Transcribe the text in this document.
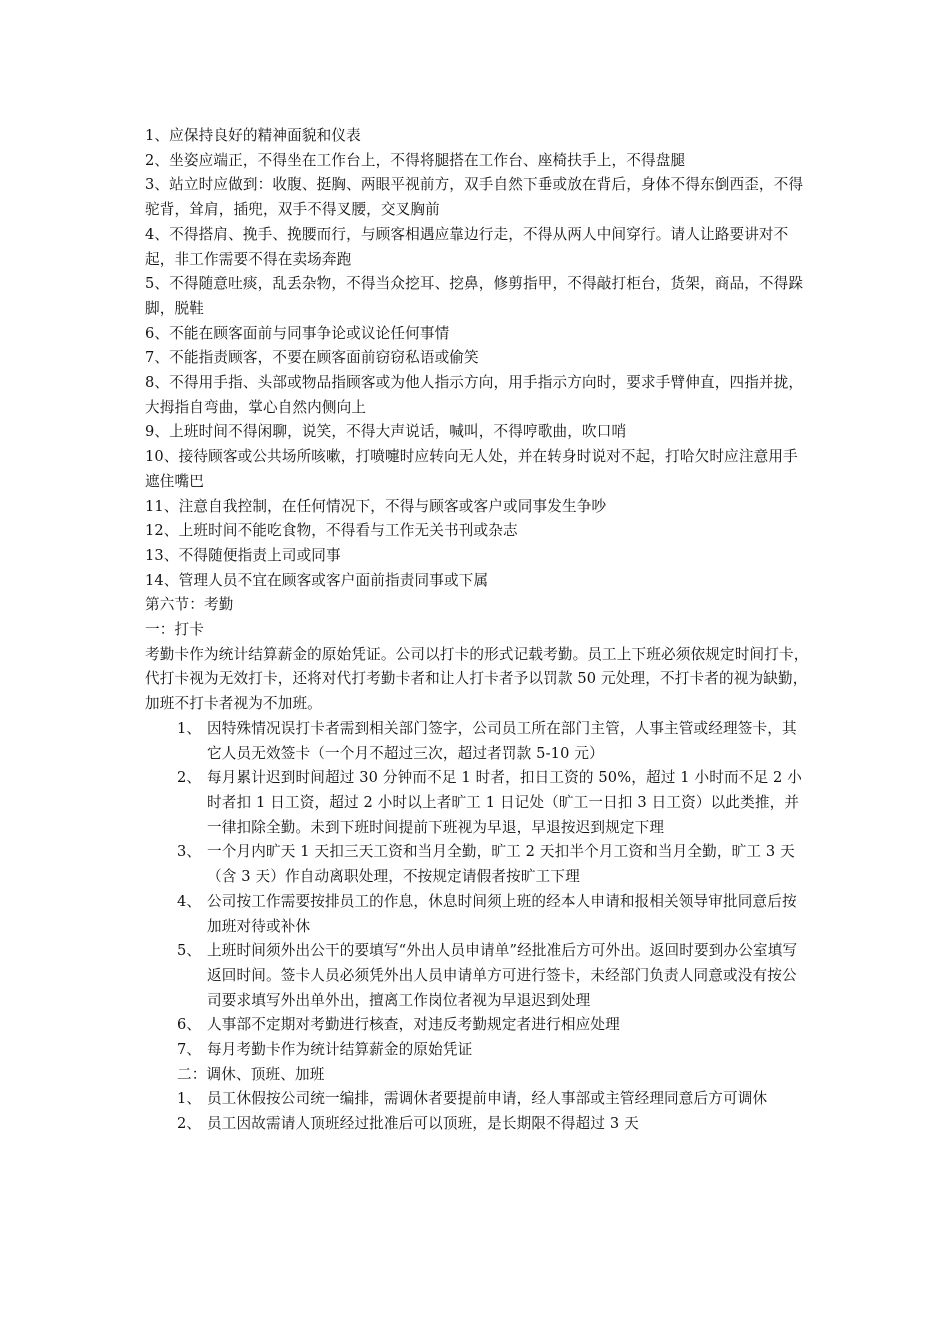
1、应保持良好的精神面貌和仪表

2、坐姿应端正，不得坐在工作台上，不得将腿搭在工作台、座椅扶手上，不得盘腿

3、站立时应做到：收腹、挺胸、两眼平视前方，双手自然下垂或放在背后，身体不得东倒西歪，不得驼背，耸肩，插兜，双手不得叉腰，交叉胸前

4、不得搭肩、挽手、挽腰而行，与顾客相遇应靠边行走，不得从两人中间穿行。请人让路要讲对不起，非工作需要不得在卖场奔跑

5、不得随意吐痰，乱丢杂物，不得当众挖耳、挖鼻，修剪指甲，不得敲打柜台，货架，商品，不得跺脚，脱鞋

6、不能在顾客面前与同事争论或议论任何事情

7、不能指责顾客，不要在顾客面前窃窃私语或偷笑

8、不得用手指、头部或物品指顾客或为他人指示方向，用手指示方向时，要求手臂伸直，四指并拢，大拇指自弯曲，掌心自然内侧向上

9、上班时间不得闲聊，说笑，不得大声说话，喊叫，不得哼歌曲，吹口哨

10、接待顾客或公共场所咳嗽，打喷嚏时应转向无人处，并在转身时说对不起，打哈欠时应注意用手遮住嘴巴

11、注意自我控制，在任何情况下，不得与顾客或客户或同事发生争吵

12、上班时间不能吃食物，不得看与工作无关书刊或杂志

13、不得随便指责上司或同事

14、管理人员不宜在顾客或客户面前指责同事或下属

第六节：考勤

一：打卡

考勤卡作为统计结算薪金的原始凭证。公司以打卡的形式记载考勤。员工上下班必须依规定时间打卡，代打卡视为无效打卡，还将对代打考勤卡者和让人打卡者予以罚款 50 元处理，不打卡者的视为缺勤，加班不打卡者视为不加班。

1、 因特殊情况误打卡者需到相关部门签字，公司员工所在部门主管，人事主管或经理签卡，其它人员无效签卡（一个月不超过三次，超过者罚款 5-10 元）
2、 每月累计迟到时间超过 30 分钟而不足 1 时者，扣日工资的 50%，超过 1 小时而不足 2 小时者扣 1 日工资，超过 2 小时以上者旷工 1 日记处（旷工一日扣 3 日工资）以此类推，并一律扣除全勤。未到下班时间提前下班视为早退，早退按迟到规定下理
3、 一个月内旷天 1 天扣三天工资和当月全勤，旷工 2 天扣半个月工资和当月全勤，旷工 3 天（含 3 天）作自动离职处理，不按规定请假者按旷工下理
4、 公司按工作需要按排员工的作息，休息时间须上班的经本人申请和报相关领导审批同意后按加班对待或补休
5、 上班时间须外出公干的要填写“外出人员申请单”经批准后方可外出。返回时要到办公室填写返回时间。签卡人员必须凭外出人员申请单方可进行签卡，未经部门负责人同意或没有按公司要求填写外出单外出，擅离工作岗位者视为早退迟到处理
6、 人事部不定期对考勤进行核查，对违反考勤规定者进行相应处理
7、 每月考勤卡作为统计结算薪金的原始凭证

二：调休、顶班、加班

1、 员工休假按公司统一编排，需调休者要提前申请，经人事部或主管经理同意后方可调休
2、 员工因故需请人顶班经过批准后可以顶班，是长期限不得超过 3 天
